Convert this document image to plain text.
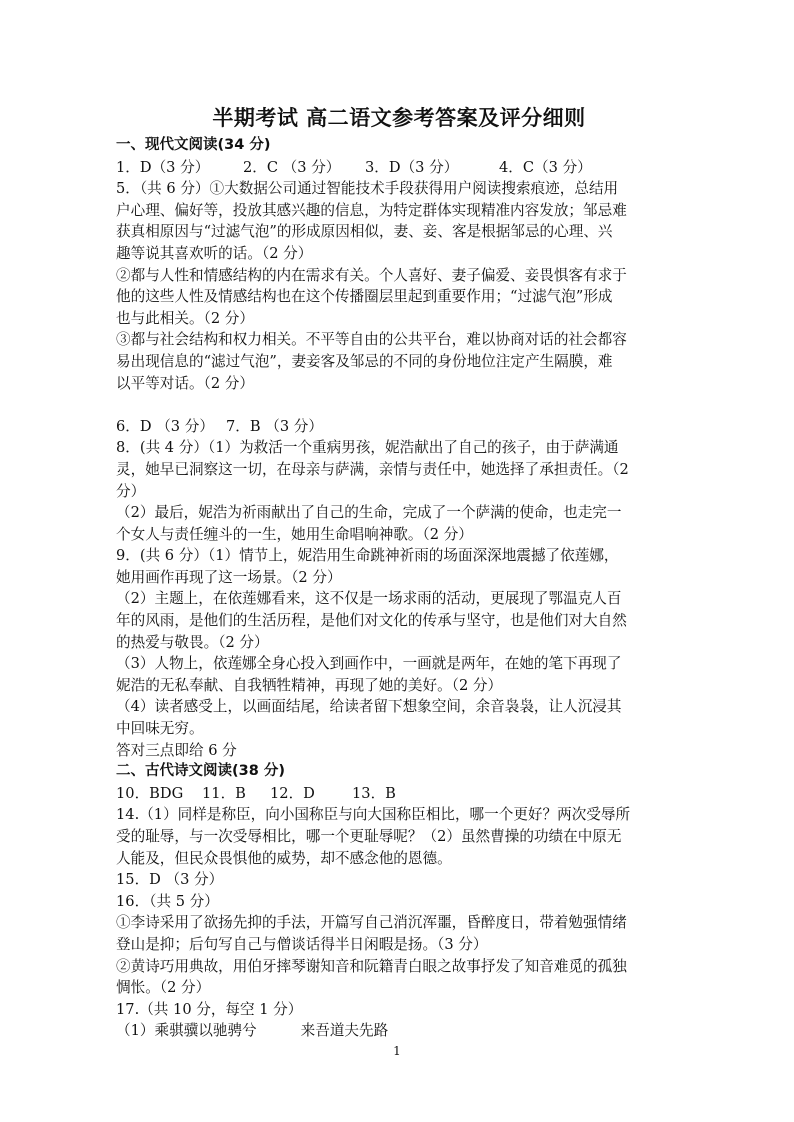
半期考试 高二语文参考答案及评分细则

一、现代文阅读(34 分)

1．D（3 分） 2．C （3 分） 3．D（3 分）	4．C（3 分）

5．（共 6 分）①大数据公司通过智能技术手段获得用户阅读搜索痕迹，总结用

户心理、偏好等，投放其感兴趣的信息，为特定群体实现精准内容发放；邹忌难

获真相原因与“过滤气泡”的形成原因相似，妻、妾、客是根据邹忌的心理、兴

趣等说其喜欢听的话。（2 分）

②都与人性和情感结构的内在需求有关。个人喜好、妻子偏爱、妾畏惧客有求于

他的这些人性及情感结构也在这个传播圈层里起到重要作用；“过滤气泡”形成

也与此相关。（2 分）

③都与社会结构和权力相关。不平等自由的公共平台，难以协商对话的社会都容

易出现信息的“滤过气泡”，妻妾客及邹忌的不同的身份地位注定产生隔膜，难

以平等对话。（2 分）

6．D （3 分） 7．B （3 分）

8．(共 4 分）（1）为救活一个重病男孩，妮浩献出了自己的孩子，由于萨满通

灵，她早已洞察这一切，在母亲与萨满，亲情与责任中，她选择了承担责任。（2

分）

（2）最后，妮浩为祈雨献出了自己的生命，完成了一个萨满的使命，也走完一

个女人与责任缠斗的一生，她用生命唱响神歌。（2 分）

9．(共 6 分）（1）情节上，妮浩用生命跳神祈雨的场面深深地震撼了依莲娜，

她用画作再现了这一场景。（2 分）

（2）主题上，在依莲娜看来，这不仅是一场求雨的活动，更展现了鄂温克人百

年的风雨，是他们的生活历程，是他们对文化的传承与坚守，也是他们对大自然

的热爱与敬畏。（2 分）

（3）人物上，依莲娜全身心投入到画作中，一画就是两年，在她的笔下再现了

妮浩的无私奉献、自我牺牲精神，再现了她的美好。（2 分）

（4）读者感受上，以画面结尾，给读者留下想象空间，余音袅袅，让人沉浸其

中回味无穷。

答对三点即给 6 分

二、古代诗文阅读(38 分)

10．BDG 11．B 12．D	13．B

14.（1）同样是称臣，向小国称臣与向大国称臣相比，哪一个更好？两次受辱所

受的耻辱，与一次受辱相比，哪一个更耻辱呢？（2）虽然曹操的功绩在中原无

人能及，但民众畏惧他的威势，却不感念他的恩德。

15．D （3 分）

16．（共 5 分）

①李诗采用了欲扬先抑的手法，开篇写自己消沉浑噩，昏醉度日，带着勉强情绪

登山是抑；后句写自己与僧谈话得半日闲暇是扬。（3 分）

②黄诗巧用典故，用伯牙摔琴谢知音和阮籍青白眼之故事抒发了知音难觅的孤独

惆怅。（2 分）

17.（共 10 分，每空 1 分）

（1）乘骐骥以驰骋兮	来吾道夫先路

1
